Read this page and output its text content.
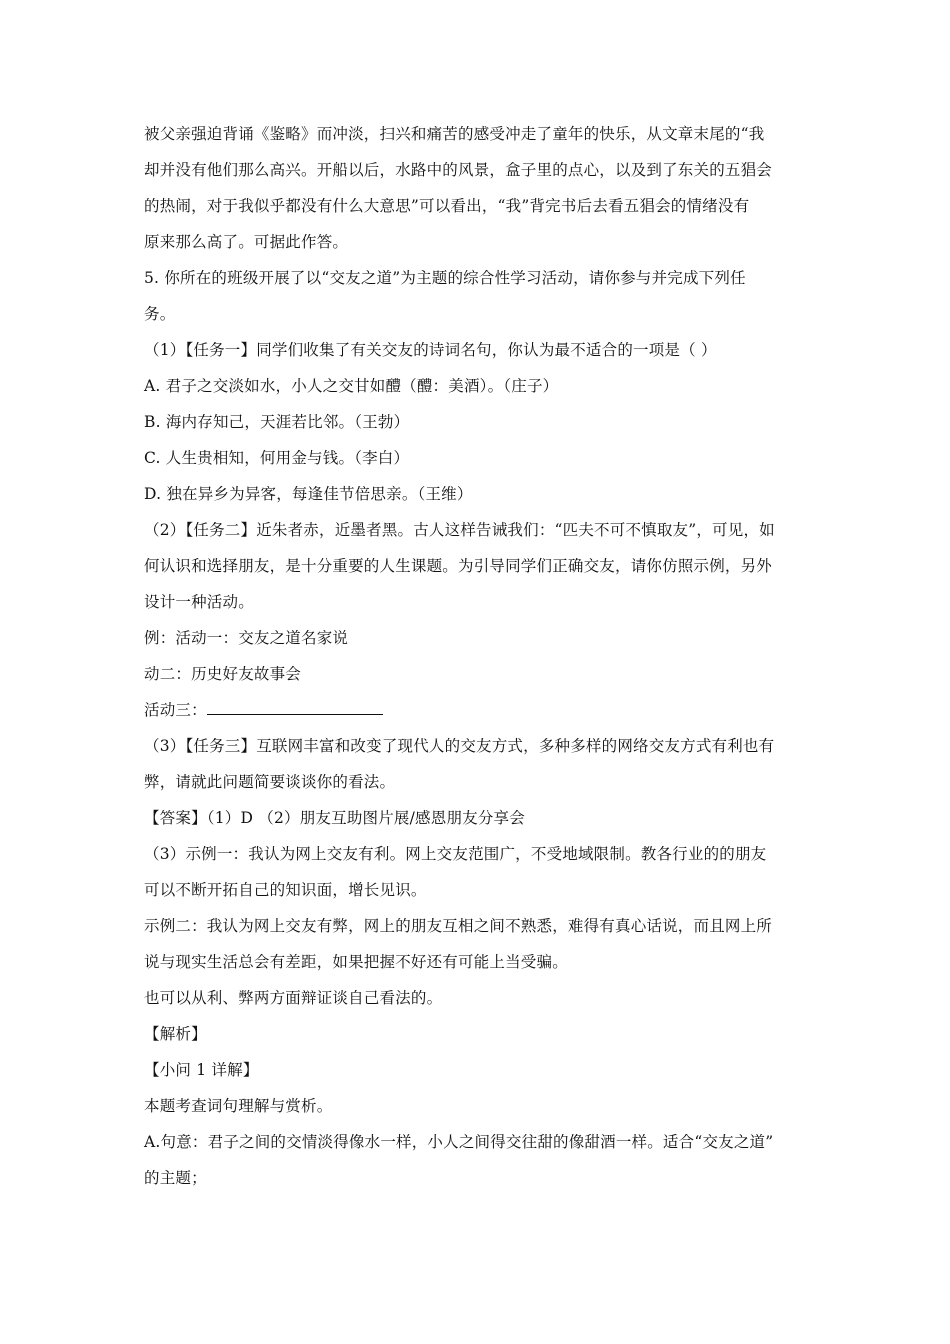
被父亲强迫背诵《鉴略》而冲淡，扫兴和痛苦的感受冲走了童年的快乐，从文章末尾的“我
却并没有他们那么高兴。开船以后，水路中的风景，盒子里的点心，以及到了东关的五猖会
的热闹，对于我似乎都没有什么大意思”可以看出，“我”背完书后去看五猖会的情绪没有
原来那么高了。可据此作答。
5. 你所在的班级开展了以“交友之道”为主题的综合性学习活动，请你参与并完成下列任
务。
（1）【任务一】同学们收集了有关交友的诗词名句，你认为最不适合的一项是（ ）
A. 君子之交淡如水，小人之交甘如醴（醴：美酒）。（庄子）
B. 海内存知己，天涯若比邻。（王勃）
C. 人生贵相知，何用金与钱。（李白）
D. 独在异乡为异客，每逢佳节倍思亲。（王维）
（2）【任务二】近朱者赤，近墨者黑。古人这样告诫我们：“匹夫不可不慎取友”，可见，如
何认识和选择朋友，是十分重要的人生课题。为引导同学们正确交友，请你仿照示例，另外
设计一种活动。
例：活动一：交友之道名家说
动二：历史好友故事会
活动三：
（3）【任务三】互联网丰富和改变了现代人的交友方式，多种多样的网络交友方式有利也有
弊，请就此问题简要谈谈你的看法。
【答案】（1）D （2）朋友互助图片展/感恩朋友分享会
（3）示例一：我认为网上交友有利。网上交友范围广，不受地域限制。教各行业的的朋友
可以不断开拓自己的知识面，增长见识。
示例二：我认为网上交友有弊，网上的朋友互相之间不熟悉，难得有真心话说，而且网上所
说与现实生活总会有差距，如果把握不好还有可能上当受骗。
也可以从利、弊两方面辩证谈自己看法的。
【解析】
【小问 1 详解】
本题考查词句理解与赏析。
A.句意：君子之间的交情淡得像水一样，小人之间得交往甜的像甜酒一样。适合“交友之道”
的主题；
